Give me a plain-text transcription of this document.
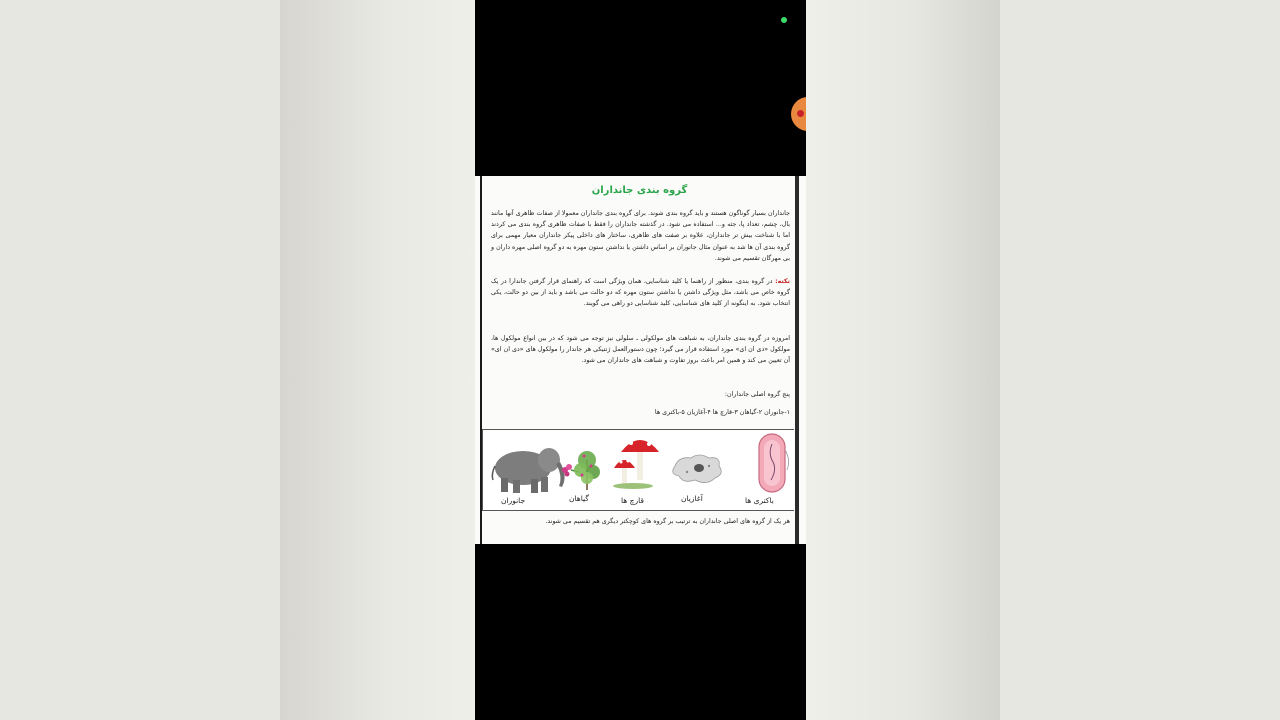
گروه بندی جانداران

جانداران بسیار گوناگون هستند و باید گروه بندی شوند. برای گروه بندی جانداران معمولا از صفات ظاهری آنها مانند بال، چشم، تعداد پا، جثه و... استفاده می شود. در گذشته جانداران را فقط با صفات ظاهری گروه بندی می کردند اما با شناخت بیش تر جانداران، علاوه بر صفت های ظاهری، ساختار های داخلی پیکر جانداران معیار مهمی برای گروه بندی آن ها شد به عنوان مثال جانوران بر اساس داشتن یا نداشتن ستون مهره به دو گروه اصلی مهره داران و بی مهرگان تقسیم می شوند.

نکته: در گروه بندی، منظور از راهنما یا کلید شناسایی، همان ویژگی است که راهنمای قرار گرفتن جاندارا در یک گروه خاص می باشد، مثل ویژگی داشتن یا نداشتن ستون مهره که دو حالت می باشد و باید از بین دو حالت، یکی انتخاب شود. به اینگونه از کلید های شناسایی، کلید شناسایی دو راهی می گویند.

امروزه در گروه بندی جانداران، به شباهت های مولکولی ـ سلولی نیز توجه می شود که در بین انواع مولکول ها، مولکول «دی ان ای» مورد استفاده قرار می گیرد؛ چون دستورالعمل ژنتیکی هر جاندار را مولکول های «دی ان ای» آن تعیین می کند و همین امر باعث بروز تفاوت و شباهت های جانداران می شود.

پنج گروه اصلی جانداران:

۱-جانوران ۲-گیاهان ۳-قارچ ها ۴-آغازیان ۵-باکتری ها

هر یک از گروه های اصلی جانداران به ترتیب بر گروه های کوچکتر دیگری هم تقسیم می شوند.

جانوران	گیاهان	قارچ ها	آغازیان	باکتری ها
